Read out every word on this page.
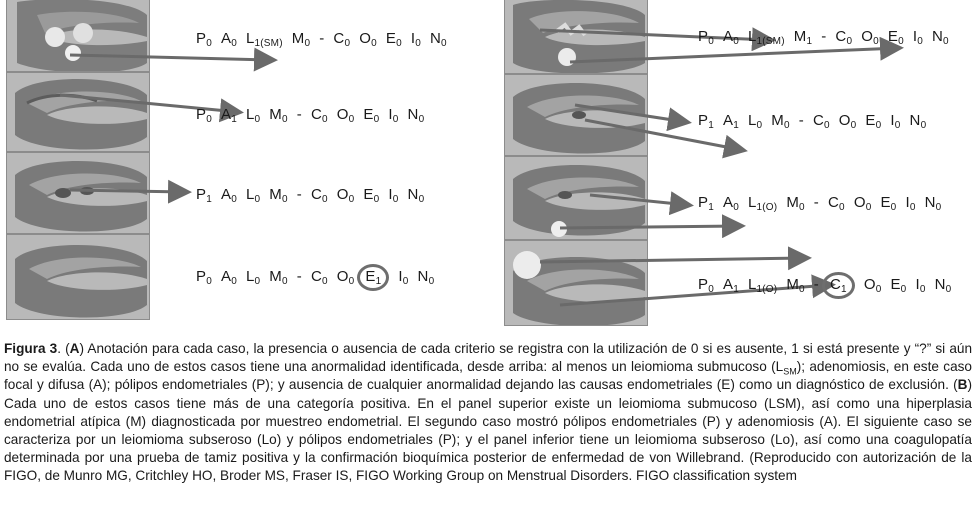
$P_0$ $A_0$ $L_{1(SM)}$ $M_0 - C_0$ $O_0$ $E_0$ $I_0$ $N_0$
$P_0$ $A_1$ $L_0$ $M_0 - C_0$ $O_0$ $E_0$ $I_0$ $N_0$
$P_1$ $A_0$ $L_0$ $M_0 - C_0$ $O_0$ $E_0$ $I_0$ $N_0$
$P_0$ $A_0$ $L_0$ $M_0 - C_0$ $O_0$ $E_1$ $I_0$ $N_0$
$P_0$ $A_0$ $L_{1(SM)}$ $M_1 - C_0$ $O_0$ $E_0$ $I_0$ $N_0$
$P_1$ $A_1$ $L_0$ $M_0 - C_0$ $O_0$ $E_0$ $I_0$ $N_0$
$P_1$ $A_0$ $L_{1(O)}$ $M_0 - C_0$ $O_0$ $E_0$ $I_0$ $N_0$
$P_0$ $A_1$ $L_{1(O)}$ $M_0 - C_1$ $O_0$ $E_0$ $I_0$ $N_0$
Figura 3. (A) Anotación para cada caso, la presencia o ausencia de cada criterio se registra con la utilización de 0 si es ausente, 1 si está presente y “?” si aún no se evalúa. Cada uno de estos casos tiene una anormalidad identificada, desde arriba: al menos un leiomioma submucoso $(L_{SM})$; adenomiosis, en este caso focal y difusa (A); pólipos endometriales (P); y ausencia de cualquier anormalidad dejando las causas endometriales (E) como un diagnóstico de exclusión. (B) Cada uno de estos casos tiene más de una categoría positiva. En el panel superior existe un leiomioma submucoso (LSM), así como una hiperplasia endometrial atípica (M) diagnosticada por muestreo endometrial. El segundo caso mostró pólipos endometriales (P) y adenomiosis (A). El siguiente caso se caracteriza por un leiomioma subseroso (Lo) y pólipos endometriales (P); y el panel inferior tiene un leiomioma subseroso (Lo), así como una coagulopatía determinada por una prueba de tamiz positiva y la confirmación bioquímica posterior de enfermedad de von Willebrand. (Reproducido con autorización de la FIGO, de Munro MG, Critchley HO, Broder MS, Fraser IS, FIGO Working Group on Menstrual Disorders. FIGO classification system
